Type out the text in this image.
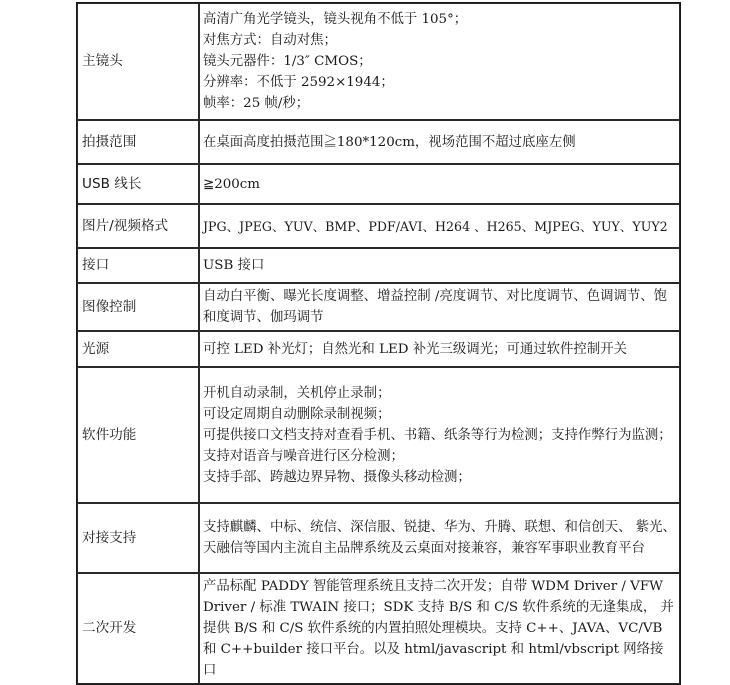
主镜头	高清广角光学镜头，镜头视角不低于 105°；
对焦方式：自动对焦；
镜头元器件：1/3″ CMOS；
分辨率：不低于 2592×1944；
帧率：25 帧/秒；

拍摄范围	在桌面高度拍摄范围≧180*120cm，视场范围不超过底座左侧

USB 线长	≧200cm

图片/视频格式	JPG、JPEG、YUV、BMP、PDF/AVI、H264 、H265、MJPEG、YUY、YUY2

接口	USB 接口

图像控制	自动白平衡、曝光长度调整、增益控制 /亮度调节、对比度调节、色调调节、饱和度调节、伽玛调节

光源	可控 LED 补光灯；自然光和 LED 补光三级调光；可通过软件控制开关

软件功能	开机自动录制，关机停止录制；
可设定周期自动删除录制视频；
可提供接口文档支持对查看手机、书籍、纸条等行为检测；支持作弊行为监测；
支持对语音与噪音进行区分检测；
支持手部、跨越边界异物、摄像头移动检测；

对接支持	支持麒麟、中标、统信、深信服、锐捷、华为、升腾、联想、和信创天、 紫光、天融信等国内主流自主品牌系统及云桌面对接兼容，兼容军事职业教育平台

二次开发	产品标配 PADDY 智能管理系统且支持二次开发；自带 WDM Driver / VFW Driver / 标准 TWAIN 接口；SDK 支持 B/S 和 C/S 软件系统的无逢集成， 并提供 B/S 和 C/S 软件系统的内置拍照处理模块。支持 C++、JAVA、VC/VB 和 C++builder 接口平台。以及 html/javascript 和 html/vbscript 网络接口
